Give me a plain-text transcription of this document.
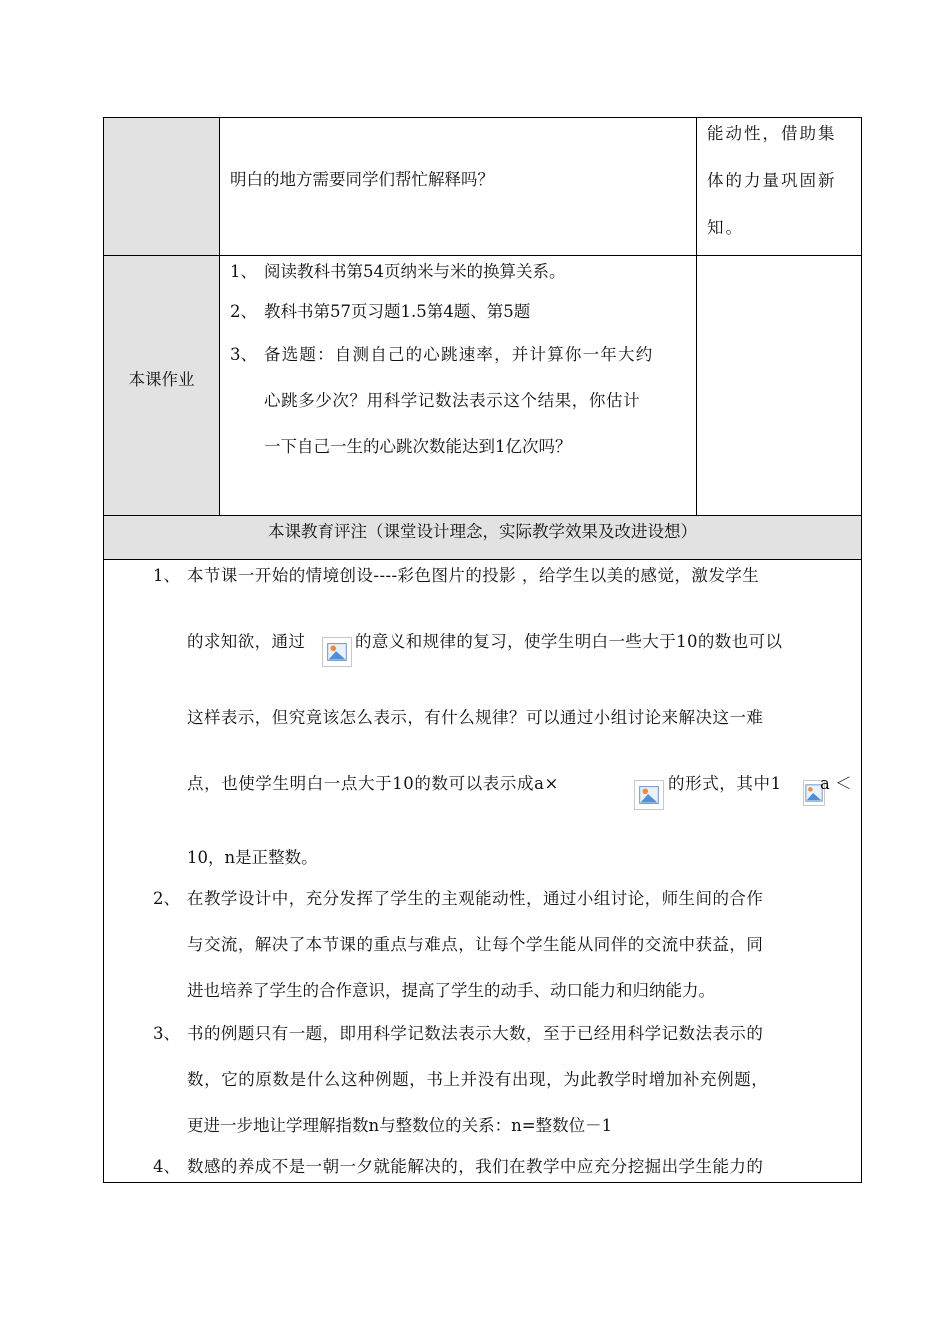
明白的地方需要同学们帮忙解释吗？
能动性，借助集
体的力量巩固新
知。
本课作业
1、 阅读教科书第54页纳米与米的换算关系。
2、 教科书第57页习题1.5第4题、第5题
3、 备选题：自测自己的心跳速率，并计算你一年大约
心跳多少次？用科学记数法表示这个结果，你估计
一下自己一生的心跳次数能达到1亿次吗？
本课教育评注（课堂设计理念，实际教学效果及改进设想）
1、 本节课一开始的情境创设----彩色图片的投影 ，给学生以美的感觉，激发学生
的求知欲，通过	的意义和规律的复习，使学生明白一些大于10的数也可以
这样表示，但究竟该怎么表示，有什么规律？可以通过小组讨论来解决这一难
点，也使学生明白一点大于10的数可以表示成a×	的形式，其中1 a ＜
10，n是正整数。
2、 在教学设计中，充分发挥了学生的主观能动性，通过小组讨论，师生间的合作
与交流，解决了本节课的重点与难点，让每个学生能从同伴的交流中获益，同
进也培养了学生的合作意识，提高了学生的动手、动口能力和归纳能力。
3、 书的例题只有一题，即用科学记数法表示大数，至于已经用科学记数法表示的
数，它的原数是什么这种例题，书上并没有出现，为此教学时增加补充例题，
更进一步地让学理解指数n与整数位的关系：n=整数位－1
4、 数感的养成不是一朝一夕就能解决的，我们在教学中应充分挖掘出学生能力的
